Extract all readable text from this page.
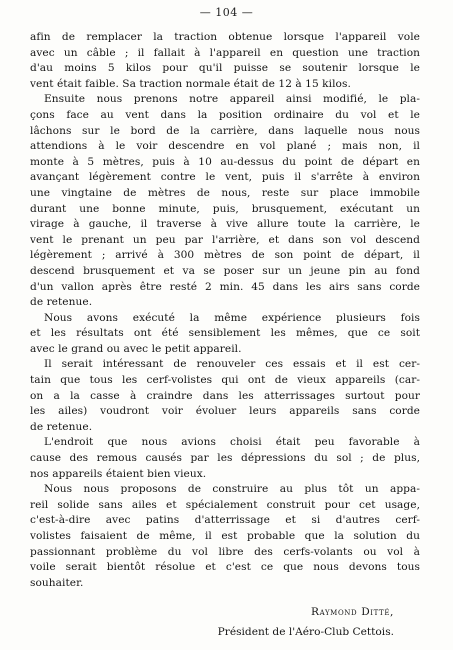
— 104 —
afin de remplacer la traction obtenue lorsque l'appareil vole
avec un câble ; il fallait à l'appareil en question une traction
d'au moins 5 kilos pour qu'il puisse se soutenir lorsque le
vent était faible. Sa traction normale était de 12 à 15 kilos.
Ensuite nous prenons notre appareil ainsi modifié, le pla-
çons face au vent dans la position ordinaire du vol et le
lâchons sur le bord de la carrière, dans laquelle nous nous
attendions à le voir descendre en vol plané ; mais non, il
monte à 5 mètres, puis à 10 au-dessus du point de départ en
avançant légèrement contre le vent, puis il s'arrête à environ
une vingtaine de mètres de nous, reste sur place immobile
durant une bonne minute, puis, brusquement, exécutant un
virage à gauche, il traverse à vive allure toute la carrière, le
vent le prenant un peu par l'arrière, et dans son vol descend
légèrement ; arrivé à 300 mètres de son point de départ, il
descend brusquement et va se poser sur un jeune pin au fond
d'un vallon après être resté 2 min. 45 dans les airs sans corde
de retenue.
Nous avons exécuté la même expérience plusieurs fois
et les résultats ont été sensiblement les mêmes, que ce soit
avec le grand ou avec le petit appareil.
Il serait intéressant de renouveler ces essais et il est cer-
tain que tous les cerf-volistes qui ont de vieux appareils (car-
on a la casse à craindre dans les atterrissages surtout pour
les ailes) voudront voir évoluer leurs appareils sans corde
de retenue.
L'endroit que nous avions choisi était peu favorable à
cause des remous causés par les dépressions du sol ; de plus,
nos appareils étaient bien vieux.
Nous nous proposons de construire au plus tôt un appa-
reil solide sans ailes et spécialement construit pour cet usage,
c'est-à-dire avec patins d'atterrissage et si d'autres cerf-
volistes faisaient de même, il est probable que la solution du
passionnant problème du vol libre des cerfs-volants ou vol à
voile serait bientôt résolue et c'est ce que nous devons tous
souhaiter.
Raymond Ditté,
Président de l'Aéro-Club Cettois.
